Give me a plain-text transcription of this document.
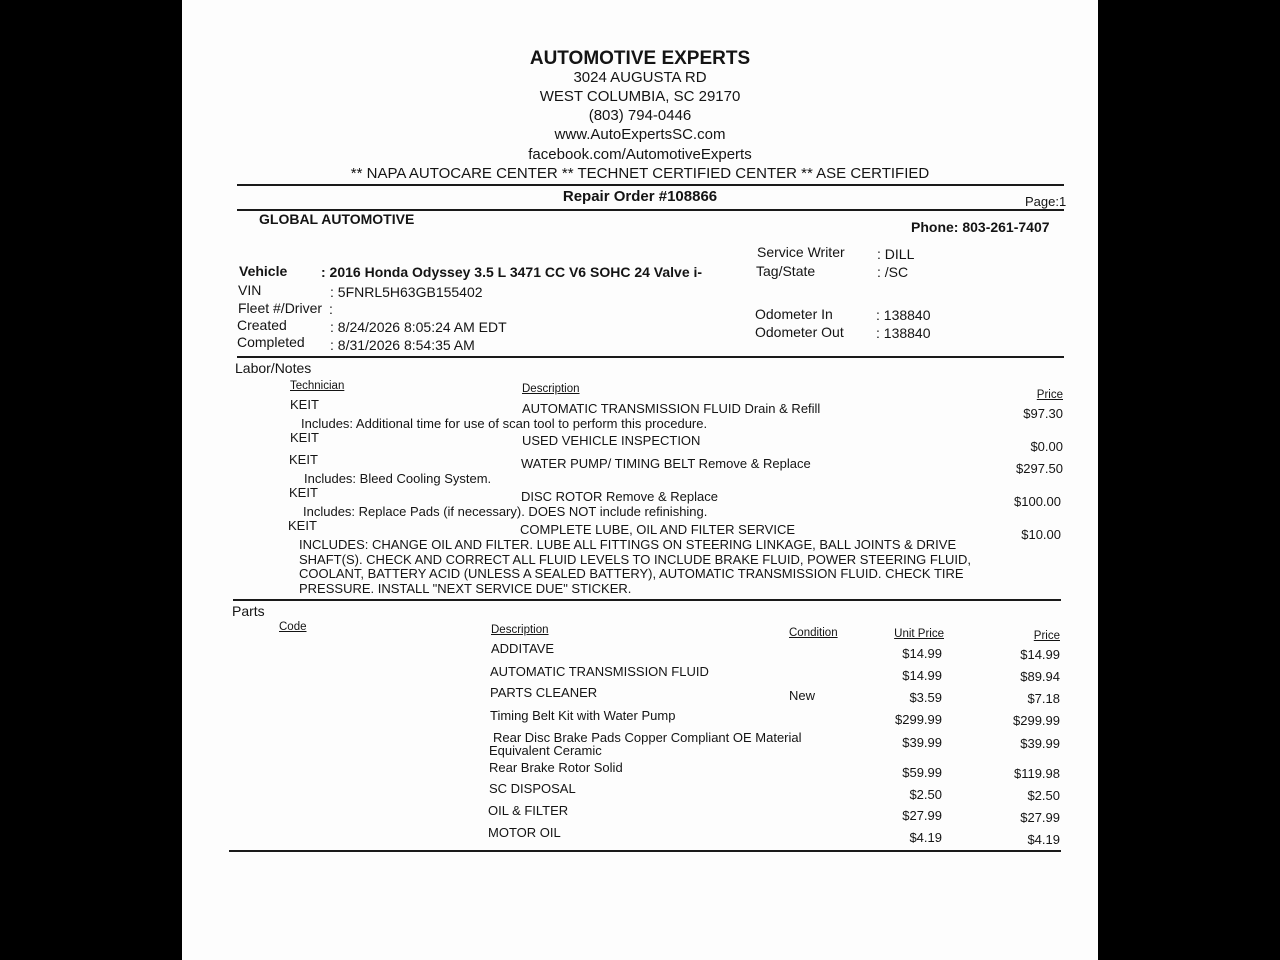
AUTOMOTIVE EXPERTS
3024 AUGUSTA RD
WEST COLUMBIA, SC 29170
(803) 794-0446
www.AutoExpertsSC.com
facebook.com/AutomotiveExperts
** NAPA AUTOCARE CENTER ** TECHNET CERTIFIED CENTER ** ASE CERTIFIED
Repair Order #108866	Page:1
GLOBAL AUTOMOTIVE	Phone: 803-261-7407
Vehicle : 2016 Honda Odyssey 3.5 L 3471 CC V6 SOHC 24 Valve i-
VIN	: 5FNRL5H63GB155402
Fleet #/Driver :
Created	: 8/24/2026 8:05:24 AM EDT
Completed : 8/31/2026 8:54:35 AM
Service Writer : DILL
Tag/State	: /SC
Odometer In	: 138840
Odometer Out : 138840
Labor/Notes
Technician	Description	Price
KEIT	AUTOMATIC TRANSMISSION FLUID Drain & Refill	$97.30
Includes: Additional time for use of scan tool to perform this procedure.
KEIT	USED VEHICLE INSPECTION	$0.00
KEIT	WATER PUMP/ TIMING BELT Remove & Replace	$297.50
Includes: Bleed Cooling System.
KEIT	DISC ROTOR Remove & Replace	$100.00
Includes: Replace Pads (if necessary). DOES NOT include refinishing.
KEIT	COMPLETE LUBE, OIL AND FILTER SERVICE	$10.00
INCLUDES: CHANGE OIL AND FILTER. LUBE ALL FITTINGS ON STEERING LINKAGE, BALL JOINTS & DRIVE SHAFT(S). CHECK AND CORRECT ALL FLUID LEVELS TO INCLUDE BRAKE FLUID, POWER STEERING FLUID, COOLANT, BATTERY ACID (UNLESS A SEALED BATTERY), AUTOMATIC TRANSMISSION FLUID. CHECK TIRE PRESSURE. INSTALL "NEXT SERVICE DUE" STICKER.
Parts
Code	Description	Condition	Unit Price	Price
ADDITAVE	$14.99	$14.99
AUTOMATIC TRANSMISSION FLUID	$14.99	$89.94
PARTS CLEANER	New	$3.59	$7.18
Timing Belt Kit with Water Pump	$299.99	$299.99
Rear Disc Brake Pads Copper Compliant OE Material
Equivalent Ceramic
$39.99	$39.99
Rear Brake Rotor Solid	$59.99	$119.98
SC DISPOSAL	$2.50	$2.50
OIL & FILTER	$27.99	$27.99
MOTOR OIL	$4.19	$4.19
